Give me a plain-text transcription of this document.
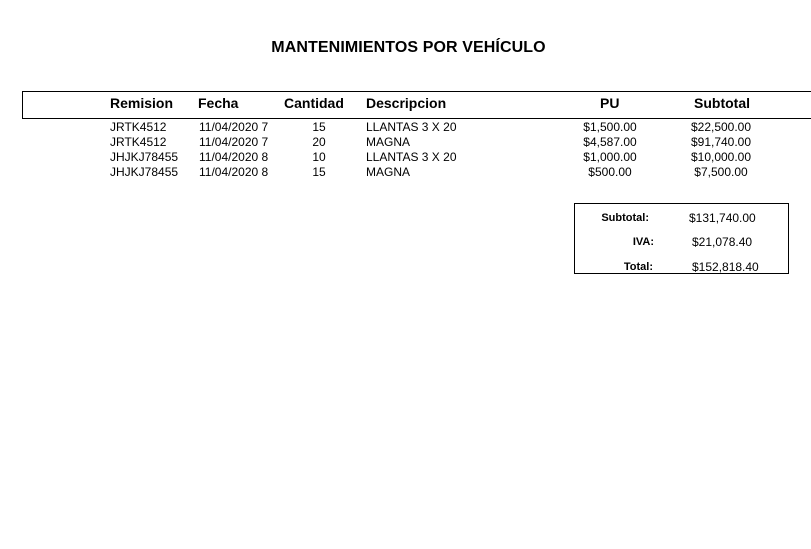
MANTENIMIENTOS POR VEHÍCULO
Remision Fecha	Cantidad Descripcion	PU	Subtotal
JRTK4512	11/04/2020 7	15	LLANTAS 3 X 20	$1,500.00	$22,500.00
JRTK4512	11/04/2020 7	20	MAGNA	$4,587.00	$91,740.00
JHJKJ78455 11/04/2020 8	10	LLANTAS 3 X 20	$1,000.00	$10,000.00
JHJKJ78455 11/04/2020 8	15	MAGNA	$500.00	$7,500.00
Subtotal:	$131,740.00
IVA:	$21,078.40
Total:	$152,818.40
